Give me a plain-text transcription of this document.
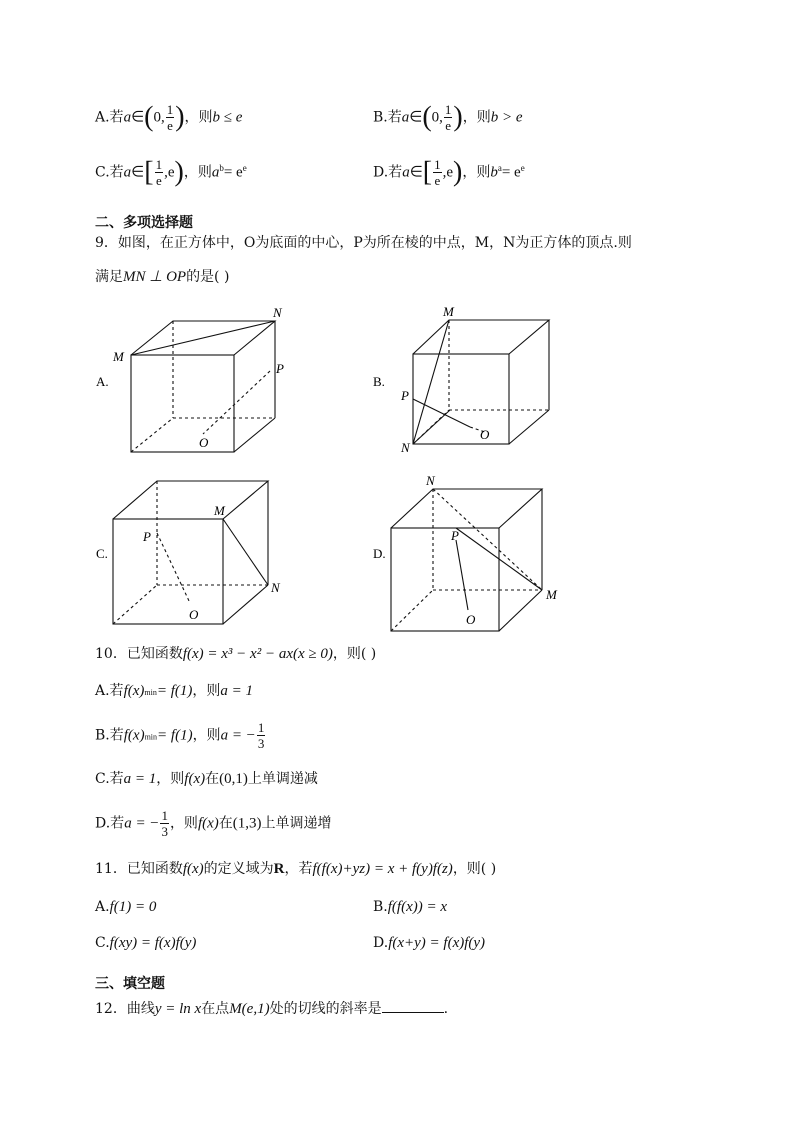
A.若a∈(0, $\frac{1}{e}$ )，则b ≤ e	B.若a∈(0, $\frac{1}{e}$ )，则b > e
C.若a∈[ $\frac{1}{e} ,e$)，则$a^b= e^e$	D.若a∈[ $\frac{1}{e} ,e$)，则$b^a= e^e$
二、多项选择题
9．如图，在正方体中，O为底面的中心，P为所在棱的中点，M，N为正方体的顶点.则
满足MN ⊥ OP的是( )
A.
M
N
P
O
B.
M
N
P
O
C.
M
N
P
O
D.
N
M
P
O
10．已知函数f(x) = x³ − x² − ax(x ≥ 0)，则( )
A.若f(x)min= f(1)，则a = 1
B.若f(x)min= f(1)，则a = − $\frac{1}{3}$
C.若a = 1，则f(x)在(0,1)上单调递减
D.若a = − $\frac{1}{3}$ ，则f(x)在(1,3)上单调递增
11．已知函数f(x)的定义域为R，若f(f(x)+yz) = x + f(y)f(z)，则( )
A.f(1) = 0	B.f(f(x)) = x
C.f(xy) = f(x)f(y)	D.f(x+y) = f(x)f(y)
三、填空题
12．曲线y = ln x在点M(e,1)处的切线的斜率是	.
